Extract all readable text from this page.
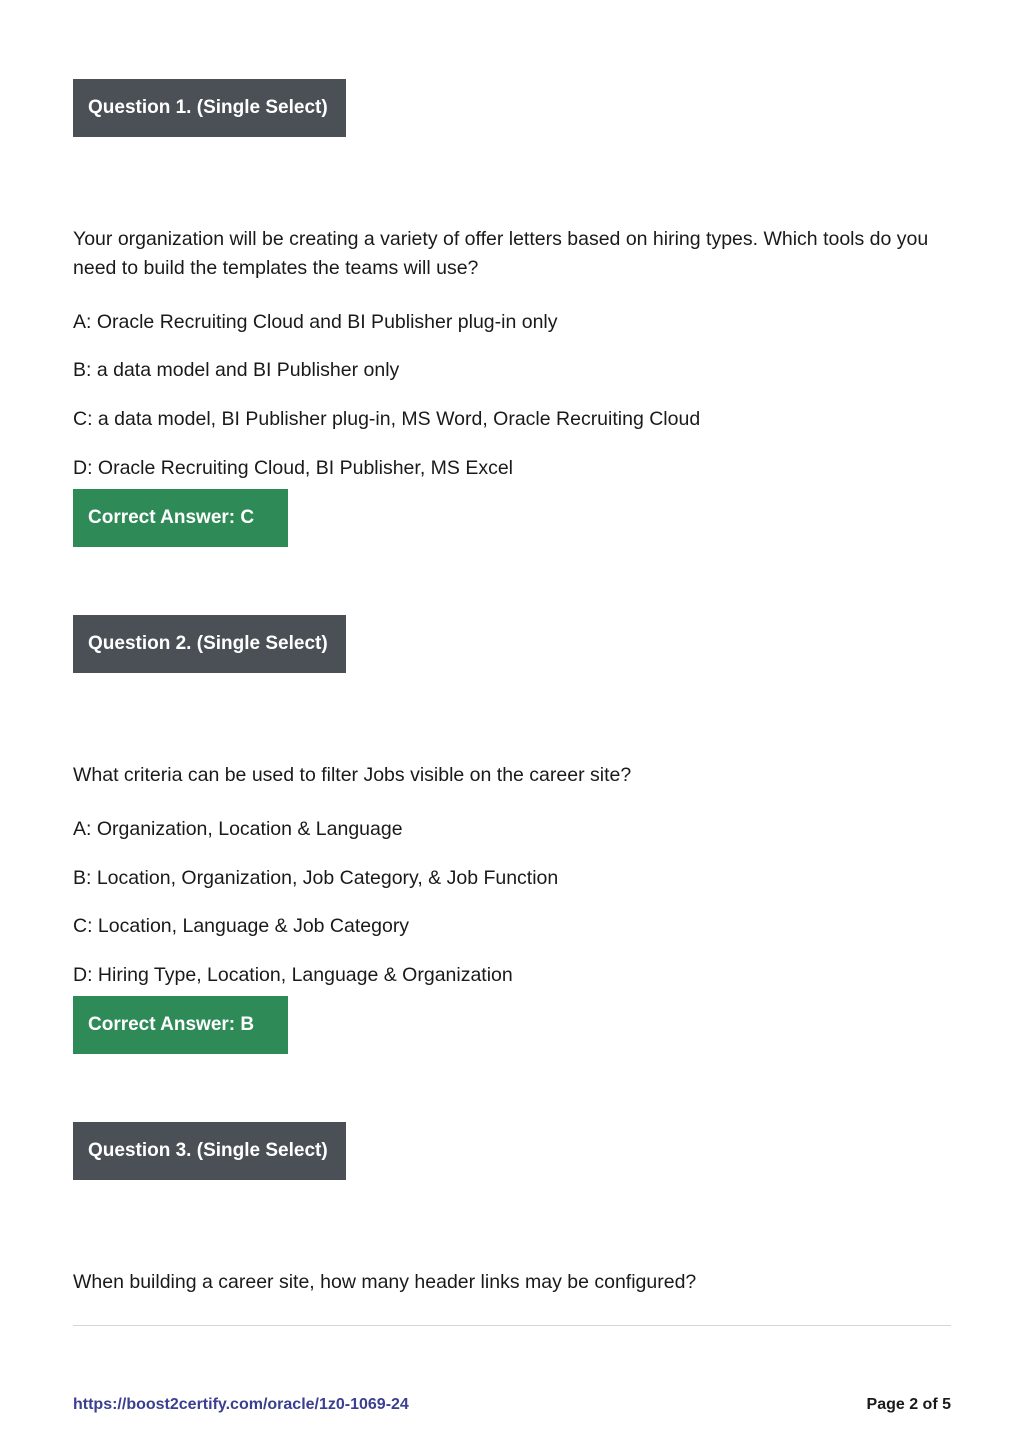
Question 1. (Single Select)

Your organization will be creating a variety of offer letters based on hiring types. Which tools do you need to build the templates the teams will use?

A: Oracle Recruiting Cloud and BI Publisher plug-in only
B: a data model and BI Publisher only
C: a data model, BI Publisher plug-in, MS Word, Oracle Recruiting Cloud
D: Oracle Recruiting Cloud, BI Publisher, MS Excel
Correct Answer: C
Question 2. (Single Select)

What criteria can be used to filter Jobs visible on the career site?

A: Organization, Location & Language
B: Location, Organization, Job Category, & Job Function
C: Location, Language & Job Category
D: Hiring Type, Location, Language & Organization
Correct Answer: B
Question 3. (Single Select)

When building a career site, how many header links may be configured?

https://boost2certify.com/oracle/1z0-1069-24	Page 2 of 5
